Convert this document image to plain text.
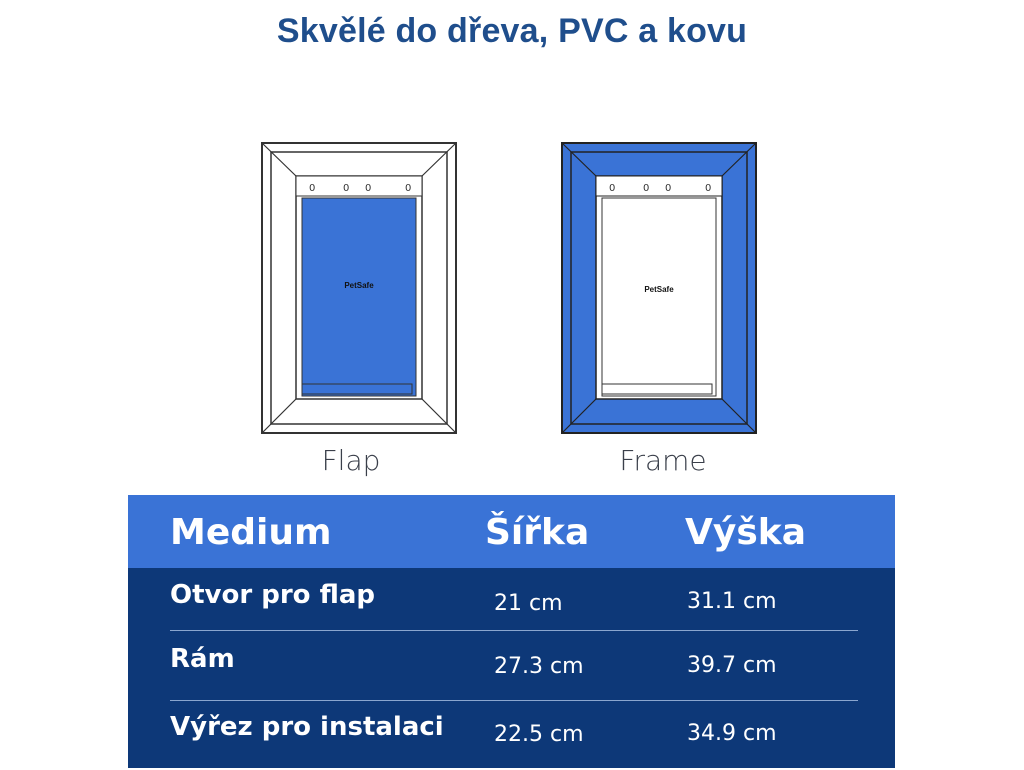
Skvělé do dřeva, PVC a kovu
0	0 0	0
PetSafe
Flap
0	0 0	0
PetSafe
Frame
Medium	Šířka	Výška
Otvor pro flap	21 cm	31.1 cm
Rám	27.3 cm	39.7 cm
Výřez pro instalaci 22.5 cm	34.9 cm
